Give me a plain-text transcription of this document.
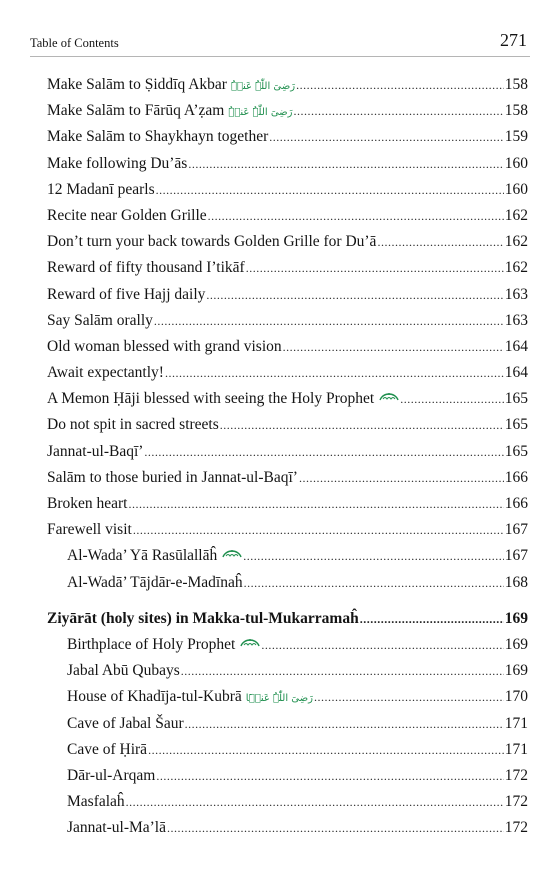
Table of Contents	271
Make Salām to Ṣiddīq Akbar رَضِیَ اللّٰہُ عَنۡہُ .....	158
Make Salām to Fārūq A’ẓam رَضِیَ اللّٰہُ عَنۡہُ .....	158
Make Salām to Shaykhayn together .....	159
Make following Du’ās .....	160
12 Madanī pearls .....	160
Recite near Golden Grille .....	162
Don’t turn your back towards Golden Grille for Du’ā .....	162
Reward of fifty thousand I’tikāf .....	162
Reward of five Hajj daily .....	163
Say Salām orally .....	163
Old woman blessed with grand vision .....	164
Await expectantly! .....	164
A Memon Ḥāji blessed with seeing the Holy Prophet .....	165
Do not spit in sacred streets .....	165
Jannat-ul-Baqī’ .....	165
Salām to those buried in Jannat-ul-Baqī’ .....	166
Broken heart .....	166
Farewell visit .....	167
Al-Wada’ Yā Rasūlallāĥ .....	167
Al-Wadā’ Tājdār-e-Madīnaĥ .....	168
Ziyārāt (holy sites) in Makka-tul-Mukarramaĥ .....	169
Birthplace of Holy Prophet .....	169
Jabal Abū Qubays .....	169
House of Khadīja-tul-Kubrā رَضِیَ اللّٰہُ عَنۡہَا .....	170
Cave of Jabal Šaur .....	171
Cave of Ḥirā .....	171
Dār-ul-Arqam .....	172
Masfalaĥ .....	172
Jannat-ul-Ma’lā .....	172
